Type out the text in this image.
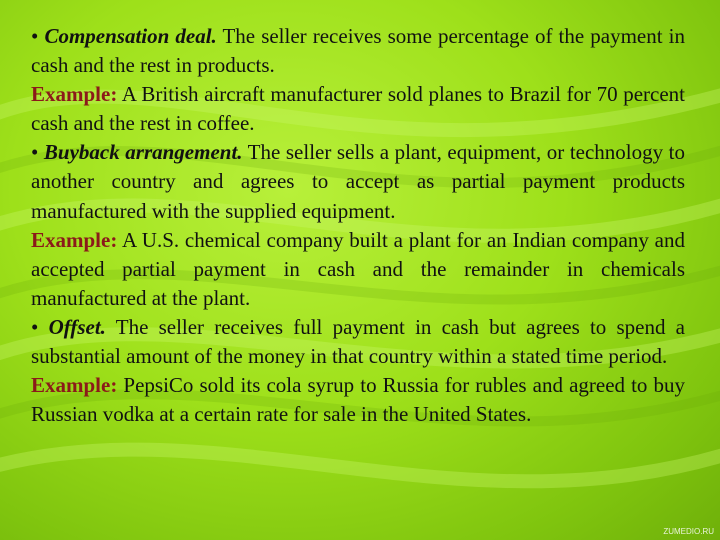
• Compensation deal. The seller receives some percentage of the payment in cash and the rest in products.

Example: A British aircraft manufacturer sold planes to Brazil for 70 percent cash and the rest in coffee.

• Buyback arrangement. The seller sells a plant, equipment, or technology to another country and agrees to accept as partial payment products manufactured with the supplied equipment.

Example: A U.S. chemical company built a plant for an Indian company and accepted partial payment in cash and the remainder in chemicals manufactured at the plant.

• Offset. The seller receives full payment in cash but agrees to spend a substantial amount of the money in that country within a stated time period.

Example: PepsiCo sold its cola syrup to Russia for rubles and agreed to buy Russian vodka at a certain rate for sale in the United States.

ZUMEDIO.RU
